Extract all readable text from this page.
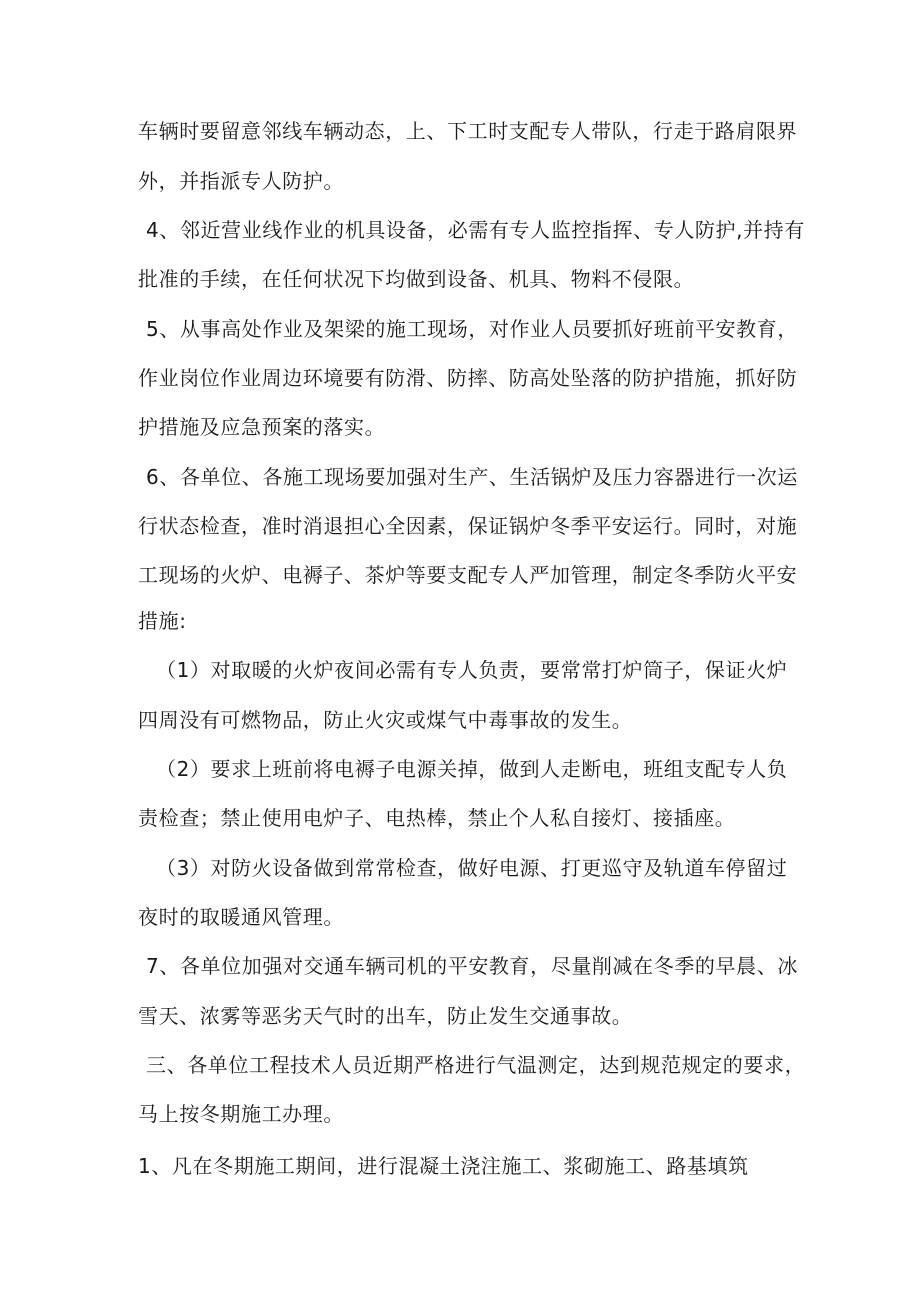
车辆时要留意邻线车辆动态，上、下工时支配专人带队，行走于路肩限界
外，并指派专人防护。
4、邻近营业线作业的机具设备，必需有专人监控指挥、专人防护,并持有
批准的手续，在任何状况下均做到设备、机具、物料不侵限。
5、从事高处作业及架梁的施工现场，对作业人员要抓好班前平安教育，
作业岗位作业周边环境要有防滑、防摔、防高处坠落的防护措施，抓好防
护措施及应急预案的落实。
6、各单位、各施工现场要加强对生产、生活锅炉及压力容器进行一次运
行状态检查，准时消退担心全因素，保证锅炉冬季平安运行。同时，对施
工现场的火炉、电褥子、茶炉等要支配专人严加管理，制定冬季防火平安
措施:
（1）对取暖的火炉夜间必需有专人负责，要常常打炉筒子，保证火炉
四周没有可燃物品，防止火灾或煤气中毒事故的发生。
（2）要求上班前将电褥子电源关掉，做到人走断电，班组支配专人负
责检查；禁止使用电炉子、电热棒，禁止个人私自接灯、接插座。
（3）对防火设备做到常常检查，做好电源、打更巡守及轨道车停留过
夜时的取暖通风管理。
7、各单位加强对交通车辆司机的平安教育，尽量削减在冬季的早晨、冰
雪天、浓雾等恶劣天气时的出车，防止发生交通事故。
三、各单位工程技术人员近期严格进行气温测定，达到规范规定的要求，
马上按冬期施工办理。
1、凡在冬期施工期间，进行混凝土浇注施工、浆砌施工、路基填筑
